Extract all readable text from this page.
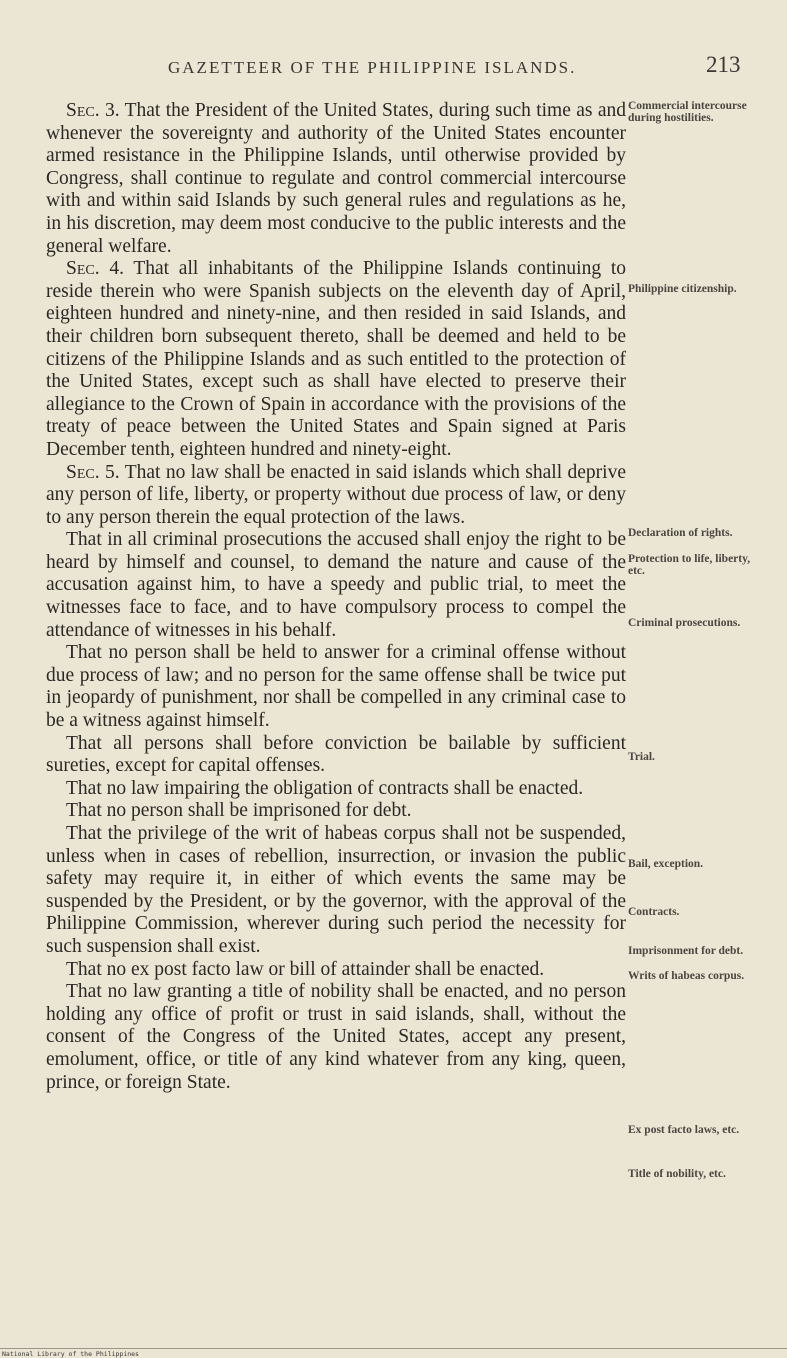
GAZETTEER OF THE PHILIPPINE ISLANDS.	213

Sec. 3. That the President of the United States, during such time as and whenever the sovereignty and authority of the United States encounter armed resistance in the Philippine Islands, until otherwise provided by Congress, shall continue to regulate and control commercial intercourse with and within said Islands by such general rules and regulations as he, in his discretion, may deem most conducive to the public interests and the general welfare.

Sec. 4. That all inhabitants of the Philippine Islands continuing to reside therein who were Spanish subjects on the eleventh day of April, eighteen hundred and ninety-nine, and then resided in said Islands, and their children born subsequent thereto, shall be deemed and held to be citizens of the Philippine Islands and as such entitled to the protection of the United States, except such as shall have elected to preserve their allegiance to the Crown of Spain in accordance with the provisions of the treaty of peace between the United States and Spain signed at Paris December tenth, eighteen hundred and ninety-eight.

Sec. 5. That no law shall be enacted in said islands which shall deprive any person of life, liberty, or property without due process of law, or deny to any person therein the equal protection of the laws.

That in all criminal prosecutions the accused shall enjoy the right to be heard by himself and counsel, to demand the nature and cause of the accusation against him, to have a speedy and public trial, to meet the witnesses face to face, and to have compulsory process to compel the attendance of witnesses in his behalf.

That no person shall be held to answer for a criminal offense without due process of law; and no person for the same offense shall be twice put in jeopardy of punishment, nor shall be compelled in any criminal case to be a witness against himself.

That all persons shall before conviction be bailable by sufficient sureties, except for capital offenses.

That no law impairing the obligation of contracts shall be enacted.

That no person shall be imprisoned for debt.

That the privilege of the writ of habeas corpus shall not be suspended, unless when in cases of rebellion, insurrection, or invasion the public safety may require it, in either of which events the same may be suspended by the President, or by the governor, with the approval of the Philippine Commission, wherever during such period the necessity for such suspension shall exist.

That no ex post facto law or bill of attainder shall be enacted.

That no law granting a title of nobility shall be enacted, and no person holding any office of profit or trust in said islands, shall, without the consent of the Congress of the United States, accept any present, emolument, office, or title of any kind whatever from any king, queen, prince, or foreign State.

Commercial intercourse during hostilities.
Philippine citizenship.
Declaration of rights.
Protection to life, liberty, etc.
Criminal prosecutions.
Trial.
Bail, exception.
Contracts.
Imprisonment for debt.
Writs of habeas corpus.
Ex post facto laws, etc.
Title of nobility, etc.
National Library of the Philippines
